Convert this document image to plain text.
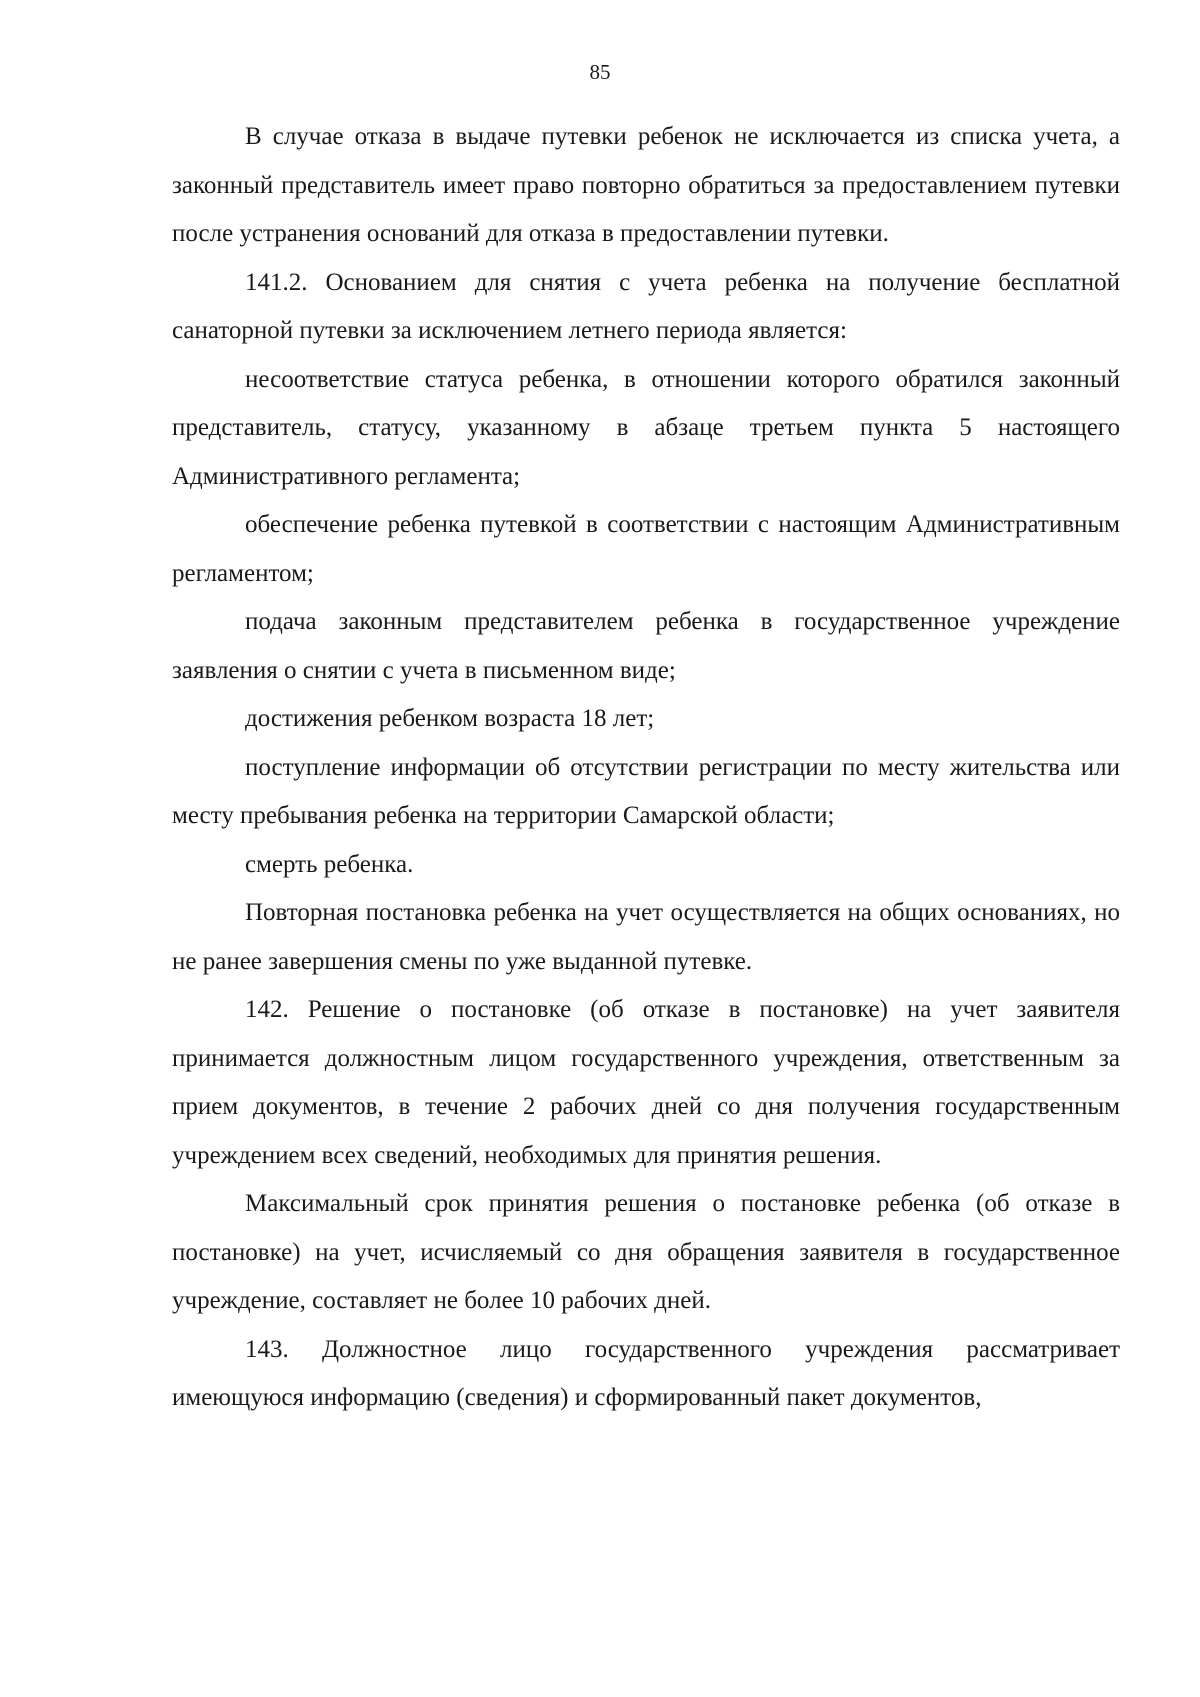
85

В случае отказа в выдаче путевки ребенок не исключается из списка учета, а законный представитель имеет право повторно обратиться за предоставлением путевки после устранения оснований для отказа в предоставлении путевки.

141.2. Основанием для снятия с учета ребенка на получение бесплатной санаторной путевки за исключением летнего периода является:

несоответствие статуса ребенка, в отношении которого обратился законный представитель, статусу, указанному в абзаце третьем пункта 5 настоящего Административного регламента;

обеспечение ребенка путевкой в соответствии с настоящим Административным регламентом;

подача законным представителем ребенка в государственное учреждение заявления о снятии с учета в письменном виде;

достижения ребенком возраста 18 лет;

поступление информации об отсутствии регистрации по месту жительства или месту пребывания ребенка на территории Самарской области;

смерть ребенка.

Повторная постановка ребенка на учет осуществляется на общих основаниях, но не ранее завершения смены по уже выданной путевке.

142. Решение о постановке (об отказе в постановке) на учет заявителя принимается должностным лицом государственного учреждения, ответственным за прием документов, в течение 2 рабочих дней со дня получения государственным учреждением всех сведений, необходимых для принятия решения.

Максимальный срок принятия решения о постановке ребенка (об отказе в постановке) на учет, исчисляемый со дня обращения заявителя в государственное учреждение, составляет не более 10 рабочих дней.

143. Должностное лицо государственного учреждения рассматривает имеющуюся информацию (сведения) и сформированный пакет документов,
